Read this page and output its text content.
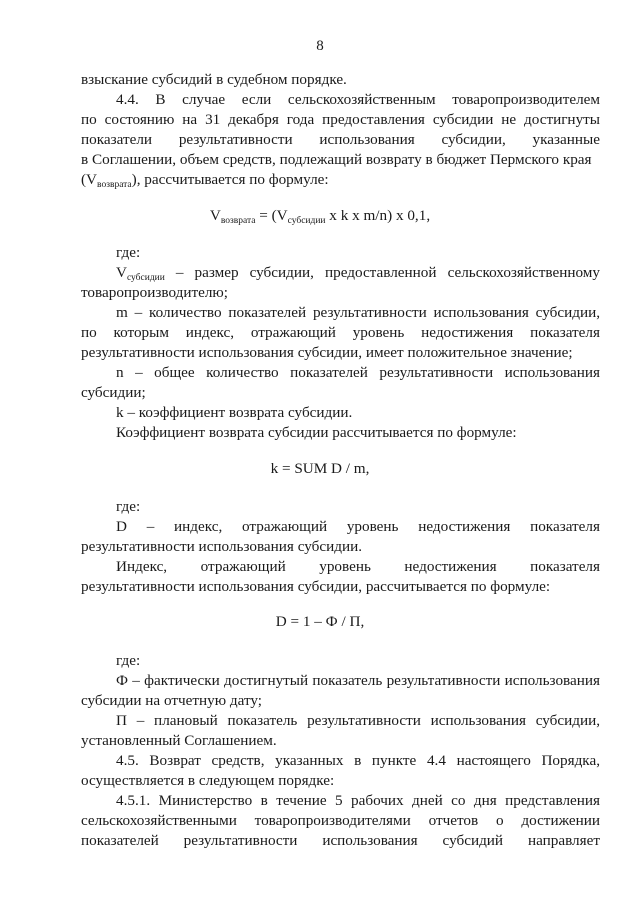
8
взыскание субсидий в судебном порядке.
4.4. В случае если сельскохозяйственным товаропроизводителем
по состоянию на 31 декабря года предоставления субсидии не достигнуты
показатели результативности использования субсидии, указанные
в Соглашении, объем средств, подлежащий возврату в бюджет Пермского края
$(V_{возврата})$, рассчитывается по формуле:
$V_{возврата} = (V_{субсидии}$ x k x m/n) x 0,1,
где:
$V_{субсидии}$ – размер субсидии, предоставленной сельскохозяйственному
товаропроизводителю;
m – количество показателей результативности использования субсидии,
по которым индекс, отражающий уровень недостижения показателя
результативности использования субсидии, имеет положительное значение;
n – общее количество показателей результативности использования
субсидии;
k – коэффициент возврата субсидии.
Коэффициент возврата субсидии рассчитывается по формуле:
k = SUM D / m,
где:
D – индекс, отражающий уровень недостижения показателя
результативности использования субсидии.
Индекс, отражающий уровень недостижения показателя
результативности использования субсидии, рассчитывается по формуле:
D = 1 – Ф / П,
где:
Ф – фактически достигнутый показатель результативности использования
субсидии на отчетную дату;
П – плановый показатель результативности использования субсидии,
установленный Соглашением.
4.5. Возврат средств, указанных в пункте 4.4 настоящего Порядка,
осуществляется в следующем порядке:
4.5.1. Министерство в течение 5 рабочих дней со дня представления
сельскохозяйственными товаропроизводителями отчетов о достижении
показателей результативности использования субсидий направляет
